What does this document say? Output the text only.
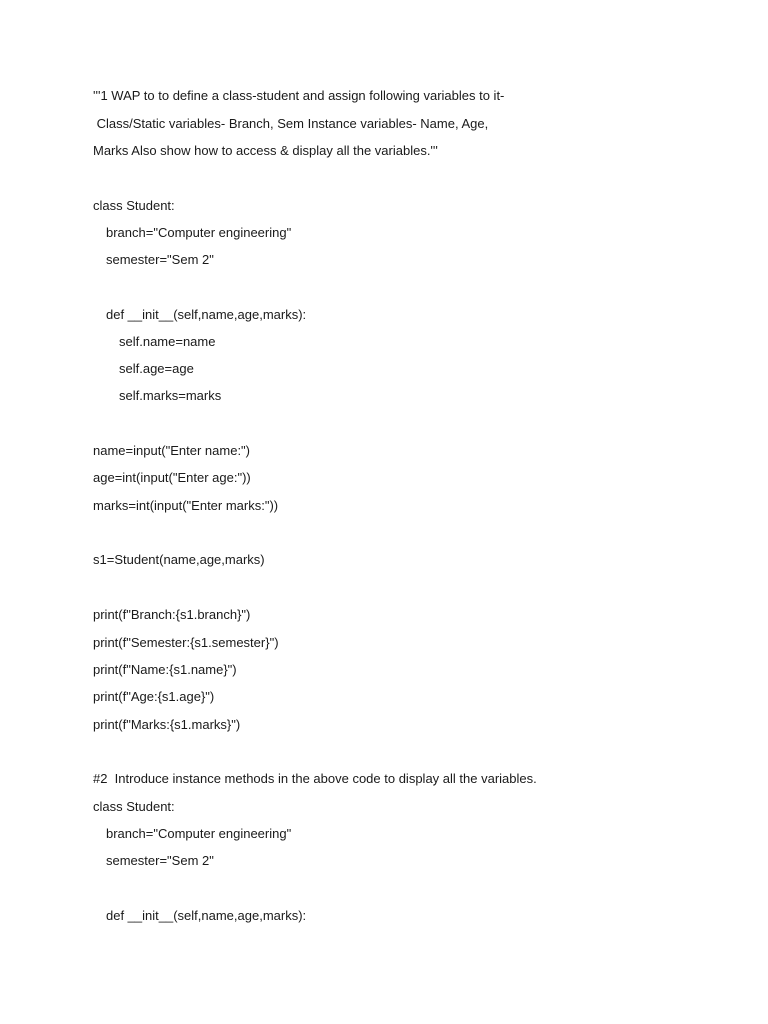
'''1 WAP to to define a class-student and assign following variables to it-

Class/Static variables- Branch, Sem Instance variables- Name, Age,

Marks Also show how to access & display all the variables.'''

class Student:

branch="Computer engineering"

semester="Sem 2"

def __init__(self,name,age,marks):

self.name=name

self.age=age

self.marks=marks

name=input("Enter name:")

age=int(input("Enter age:"))

marks=int(input("Enter marks:"))

s1=Student(name,age,marks)

print(f"Branch:{s1.branch}")

print(f"Semester:{s1.semester}")

print(f"Name:{s1.name}")

print(f"Age:{s1.age}")

print(f"Marks:{s1.marks}")

#2  Introduce instance methods in the above code to display all the variables.

class Student:

branch="Computer engineering"

semester="Sem 2"

def __init__(self,name,age,marks):
